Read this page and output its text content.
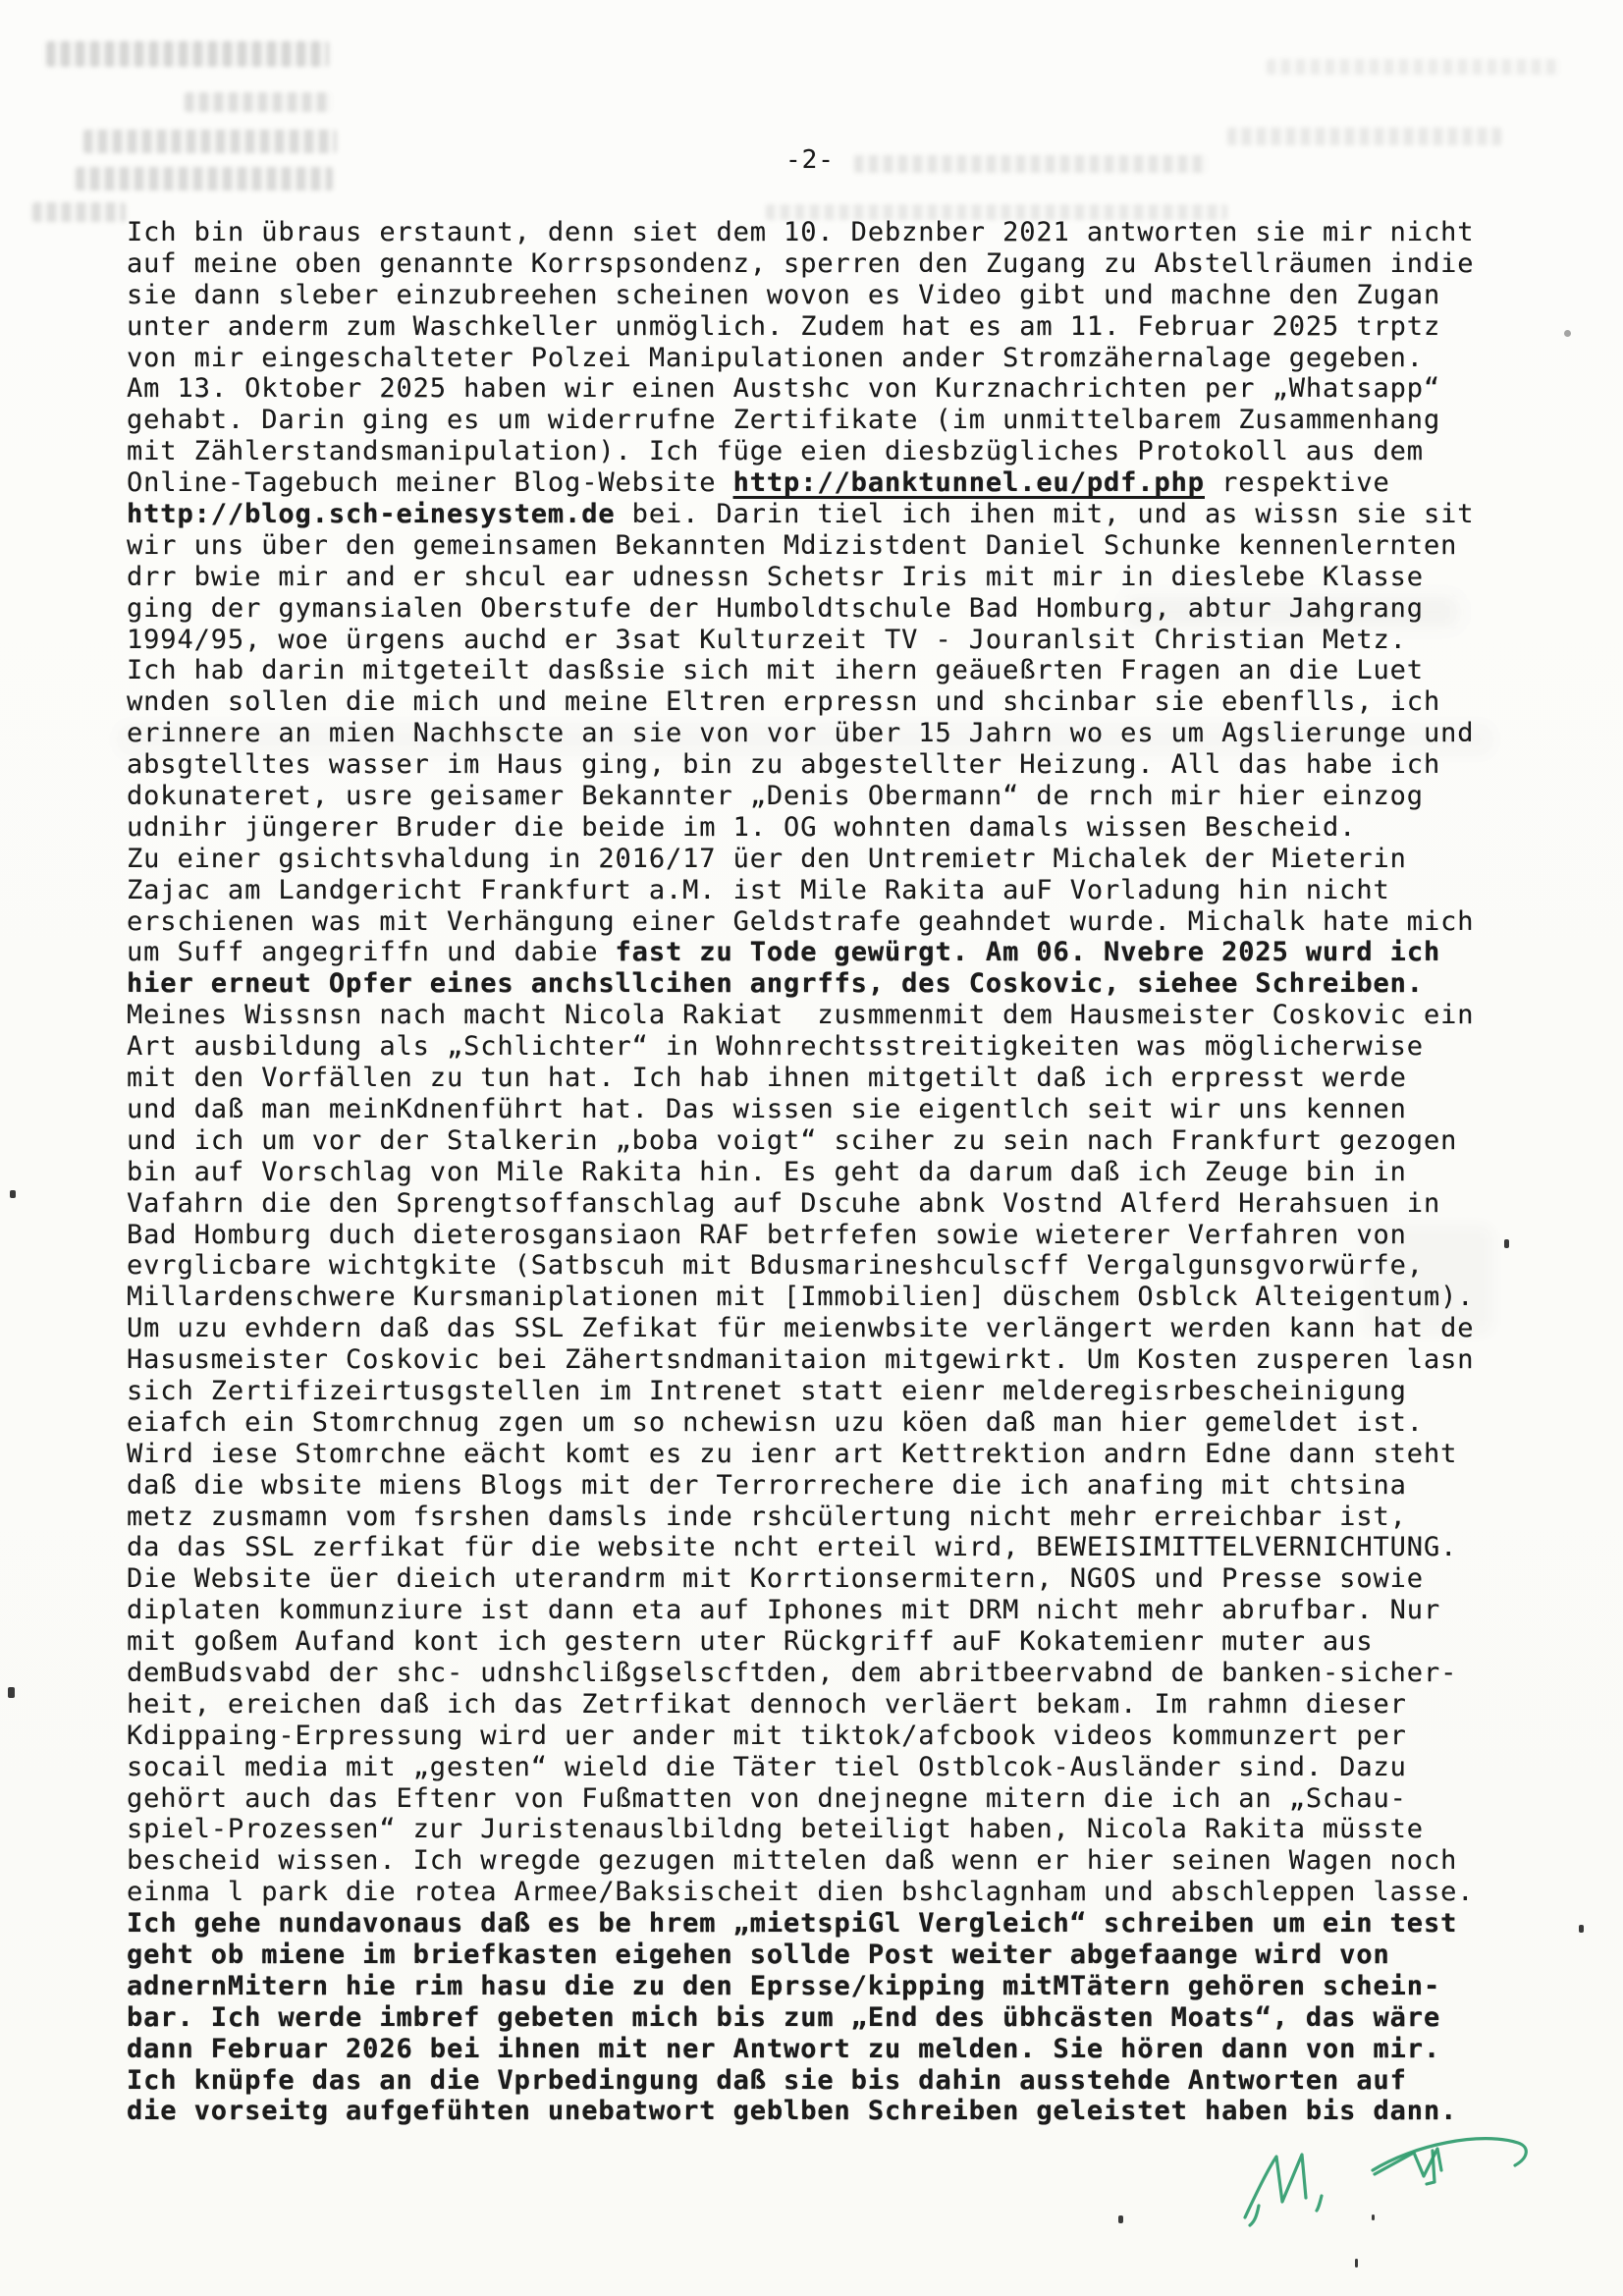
-2-
Ich bin übraus erstaunt, denn siet dem 10. Debznber 2021 antworten sie mir nicht
auf meine oben genannte Korrspsondenz, sperren den Zugang zu Abstellräumen indie
sie dann sleber einzubreehen scheinen wovon es Video gibt und machne den Zugan
unter anderm zum Waschkeller unmöglich. Zudem hat es am 11. Februar 2025 trptz
von mir eingeschalteter Polzei Manipulationen ander Stromzähernalage gegeben.
Am 13. Oktober 2025 haben wir einen Austshc von Kurznachrichten per „Whatsapp“
gehabt. Darin ging es um widerrufne Zertifikate (im unmittelbarem Zusammenhang
mit Zählerstandsmanipulation). Ich füge eien diesbzügliches Protokoll aus dem
Online-Tagebuch meiner Blog-Website http://banktunnel.eu/pdf.php respektive
http://blog.sch-einesystem.de bei. Darin tiel ich ihen mit, und as wissn sie sit
wir uns über den gemeinsamen Bekannten Mdizistdent Daniel Schunke kennenlernten
drr bwie mir and er shcul ear udnessn Schetsr Iris mit mir in dieslebe Klasse
ging der gymansialen Oberstufe der Humboldtschule Bad Homburg, abtur Jahgrang
1994/95, woe ürgens auchd er 3sat Kulturzeit TV - Jouranlsit Christian Metz.
Ich hab darin mitgeteilt dasßsie sich mit ihern geäueßrten Fragen an die Luet
wnden sollen die mich und meine Eltren erpressn und shcinbar sie ebenflls, ich
erinnere an mien Nachhscte an sie von vor über 15 Jahrn wo es um Agslierunge und
absgtelltes wasser im Haus ging, bin zu abgestellter Heizung. All das habe ich
dokunateret, usre geisamer Bekannter „Denis Obermann“ de rnch mir hier einzog
udnihr jüngerer Bruder die beide im 1. OG wohnten damals wissen Bescheid.
Zu einer gsichtsvhaldung in 2016/17 üer den Untremietr Michalek der Mieterin
Zajac am Landgericht Frankfurt a.M. ist Mile Rakita auF Vorladung hin nicht
erschienen was mit Verhängung einer Geldstrafe geahndet wurde. Michalk hate mich
um Suff angegriffn und dabie fast zu Tode gewürgt. Am 06. Nvebre 2025 wurd ich
hier erneut Opfer eines anchsllcihen angrffs, des Coskovic, siehee Schreiben.
Meines Wissnsn nach macht Nicola Rakiat  zusmmenmit dem Hausmeister Coskovic ein
Art ausbildung als „Schlichter“ in Wohnrechtsstreitigkeiten was möglicherwise
mit den Vorfällen zu tun hat. Ich hab ihnen mitgetilt daß ich erpresst werde
und daß man meinKdnenführt hat. Das wissen sie eigentlch seit wir uns kennen
und ich um vor der Stalkerin „boba voigt“ sciher zu sein nach Frankfurt gezogen
bin auf Vorschlag von Mile Rakita hin. Es geht da darum daß ich Zeuge bin in
Vafahrn die den Sprengtsoffanschlag auf Dscuhe abnk Vostnd Alferd Herahsuen in
Bad Homburg duch dieterosgansiaon RAF betrfefen sowie wieterer Verfahren von
evrglicbare wichtgkite (Satbscuh mit Bdusmarineshculscff Vergalgunsgvorwürfe,
Millardenschwere Kursmaniplationen mit [Immobilien] düschem Osblck Alteigentum).
Um uzu evhdern daß das SSL Zefikat für meienwbsite verlängert werden kann hat de
Hasusmeister Coskovic bei Zähertsndmanitaion mitgewirkt. Um Kosten zusperen lasn
sich Zertifizeirtusgstellen im Intrenet statt eienr melderegisrbescheinigung
eiafch ein Stomrchnug zgen um so nchewisn uzu köen daß man hier gemeldet ist.
Wird iese Stomrchne eächt komt es zu ienr art Kettrektion andrn Edne dann steht
daß die wbsite miens Blogs mit der Terrorrechere die ich anafing mit chtsina
metz zusmamn vom fsrshen damsls inde rshcülertung nicht mehr erreichbar ist,
da das SSL zerfikat für die website ncht erteil wird, BEWEISIMITTELVERNICHTUNG.
Die Website üer dieich uterandrm mit Korrtionsermitern, NGOS und Presse sowie
diplaten kommunziure ist dann eta auf Iphones mit DRM nicht mehr abrufbar. Nur
mit goßem Aufand kont ich gestern uter Rückgriff auF Kokatemienr muter aus
demBudsvabd der shc- udnshclißgselscftden, dem abritbeervabnd de banken-sicher-
heit, ereichen daß ich das Zetrfikat dennoch verläert bekam. Im rahmn dieser
Kdippaing-Erpressung wird uer ander mit tiktok/afcbook videos kommunzert per
socail media mit „gesten“ wield die Täter tiel Ostblcok-Ausländer sind. Dazu
gehört auch das Eftenr von Fußmatten von dnejnegne mitern die ich an „Schau-
spiel-Prozessen“ zur Juristenauslbildng beteiligt haben, Nicola Rakita müsste
bescheid wissen. Ich wregde gezugen mittelen daß wenn er hier seinen Wagen noch
einma l park die rotea Armee/Baksischeit dien bshclagnham und abschleppen lasse.
Ich gehe nundavonaus daß es be hrem „mietspiGl Vergleich“ schreiben um ein test
geht ob miene im briefkasten eigehen sollde Post weiter abgefaange wird von
adnernMitern hie rim hasu die zu den Eprsse/kipping mitMTätern gehören schein-
bar. Ich werde imbref gebeten mich bis zum „End des übhcästen Moats“, das wäre
dann Februar 2026 bei ihnen mit ner Antwort zu melden. Sie hören dann von mir.
Ich knüpfe das an die Vprbedingung daß sie bis dahin ausstehde Antworten auf
die vorseitg aufgefühten unebatwort geblben Schreiben geleistet haben bis dann.
